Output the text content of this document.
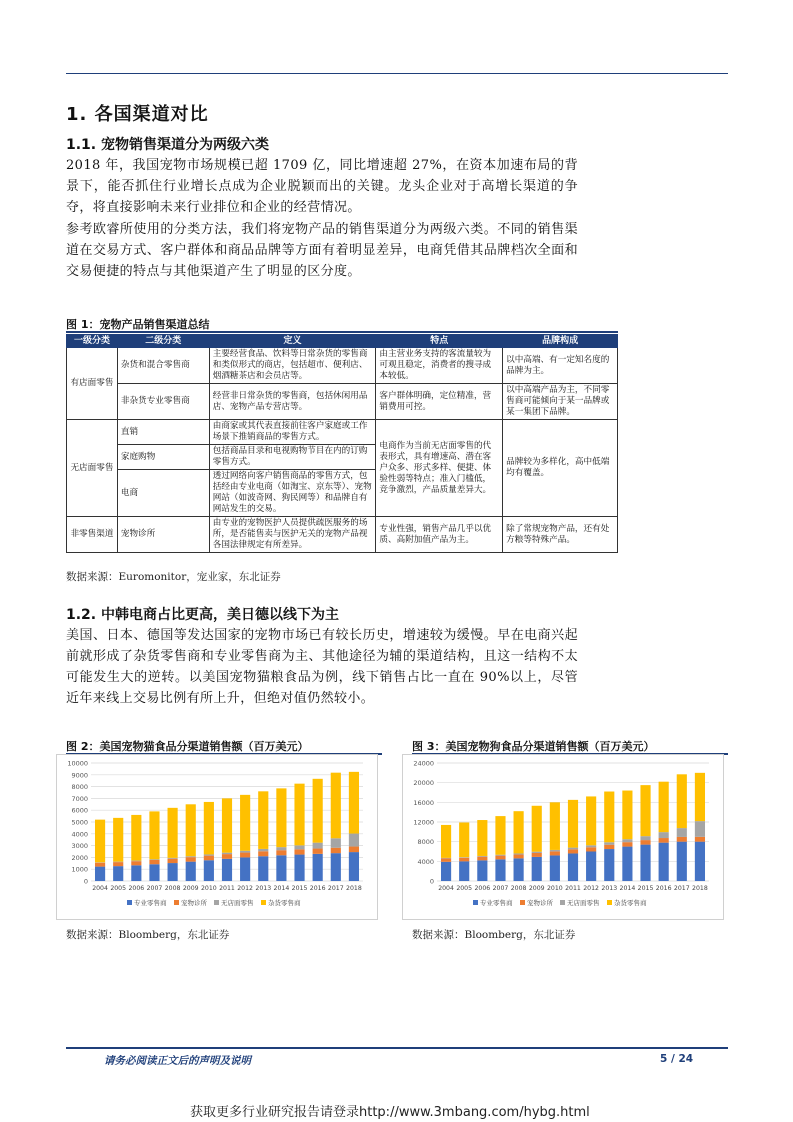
1. 各国渠道对比
1.1. 宠物销售渠道分为两级六类

2018 年，我国宠物市场规模已超 1709 亿，同比增速超 27%，在资本加速布局的背景下，能否抓住行业增长点成为企业脱颖而出的关键。龙头企业对于高增长渠道的争夺，将直接影响未来行业排位和企业的经营情况。

参考欧睿所使用的分类方法，我们将宠物产品的销售渠道分为两级六类。不同的销售渠道在交易方式、客户群体和商品品牌等方面有着明显差异，电商凭借其品牌档次全面和交易便捷的特点与其他渠道产生了明显的区分度。

图 1：宠物产品销售渠道总结
一级分类	二级分类	定义	特点	品牌构成
有店面零售	杂货和混合零售商	主要经营食品、饮料等日常杂货的零售商和类似形式的商店，包括超市、便利店、烟酒糖茶店和会员店等。	由主营业务支持的客流量较为可观且稳定，消费者的搜寻成本较低。	以中高端、有一定知名度的品牌为主。
	非杂货专业零售商	经营非日常杂货的零售商，包括休闲用品店、宠物产品专营店等。	客户群体明确，定位精准，营销费用可控。	以中高端产品为主，不同零售商可能倾向于某一品牌或某一集团下品牌。
无店面零售	直销	由商家或其代表直接前往客户家庭或工作场景下推销商品的零售方式。	电商作为当前无店面零售的代表形式，具有增速高、潜在客户众多、形式多样、便捷、体验性弱等特点；准入门槛低，竞争激烈，产品质量差异大。	品牌较为多样化，高中低端均有覆盖。
	家庭购物	包括商品目录和电视购物节目在内的订购零售方式。		
	电商	透过网络向客户销售商品的零售方式，包括经由专业电商（如淘宝、京东等）、宠物网站（如波奇网、狗民网等）和品牌自有网站发生的交易。		
非零售渠道	宠物诊所	由专业的宠物医护人员提供疏医服务的场所，是否能售卖与医护无关的宠物产品视各国法律规定有所差异。	专业性强，销售产品几乎以优质、高附加值产品为主。	除了常规宠物产品，还有处方粮等特殊产品。
数据来源：Euromonitor，宠业家，东北证券
1.2. 中韩电商占比更高，美日德以线下为主

美国、日本、德国等发达国家的宠物市场已有较长历史，增速较为缓慢。早在电商兴起前就形成了杂货零售商和专业零售商为主、其他途径为辅的渠道结构，且这一结构不太可能发生大的逆转。以美国宠物猫粮食品为例，线下销售占比一直在 90%以上，尽管近年来线上交易比例有所上升，但绝对值仍然较小。

图 2：美国宠物猫食品分渠道销售额（百万美元）
0
1000
2000
3000
4000
5000
6000
7000
8000
9000
10000
2004 2005 2006 2007 2008 2009 2010 2011 2012 2013 2014 2015 2016 2017 2018
专业零售商 宠物诊所 无店面零售 杂货零售商
数据来源：Bloomberg，东北证券
图 3：美国宠物狗食品分渠道销售额（百万美元）
0
4000
8000
12000
16000
20000
24000
2004 2005 2006 2007 2008 2009 2010 2011 2012 2013 2014 2015 2016 2017 2018
专业零售商 宠物诊所 无店面零售 杂货零售商
数据来源：Bloomberg，东北证券
请务必阅读正文后的声明及说明	5 / 24
获取更多行业研究报告请登录http://www.3mbang.com/hybg.html
